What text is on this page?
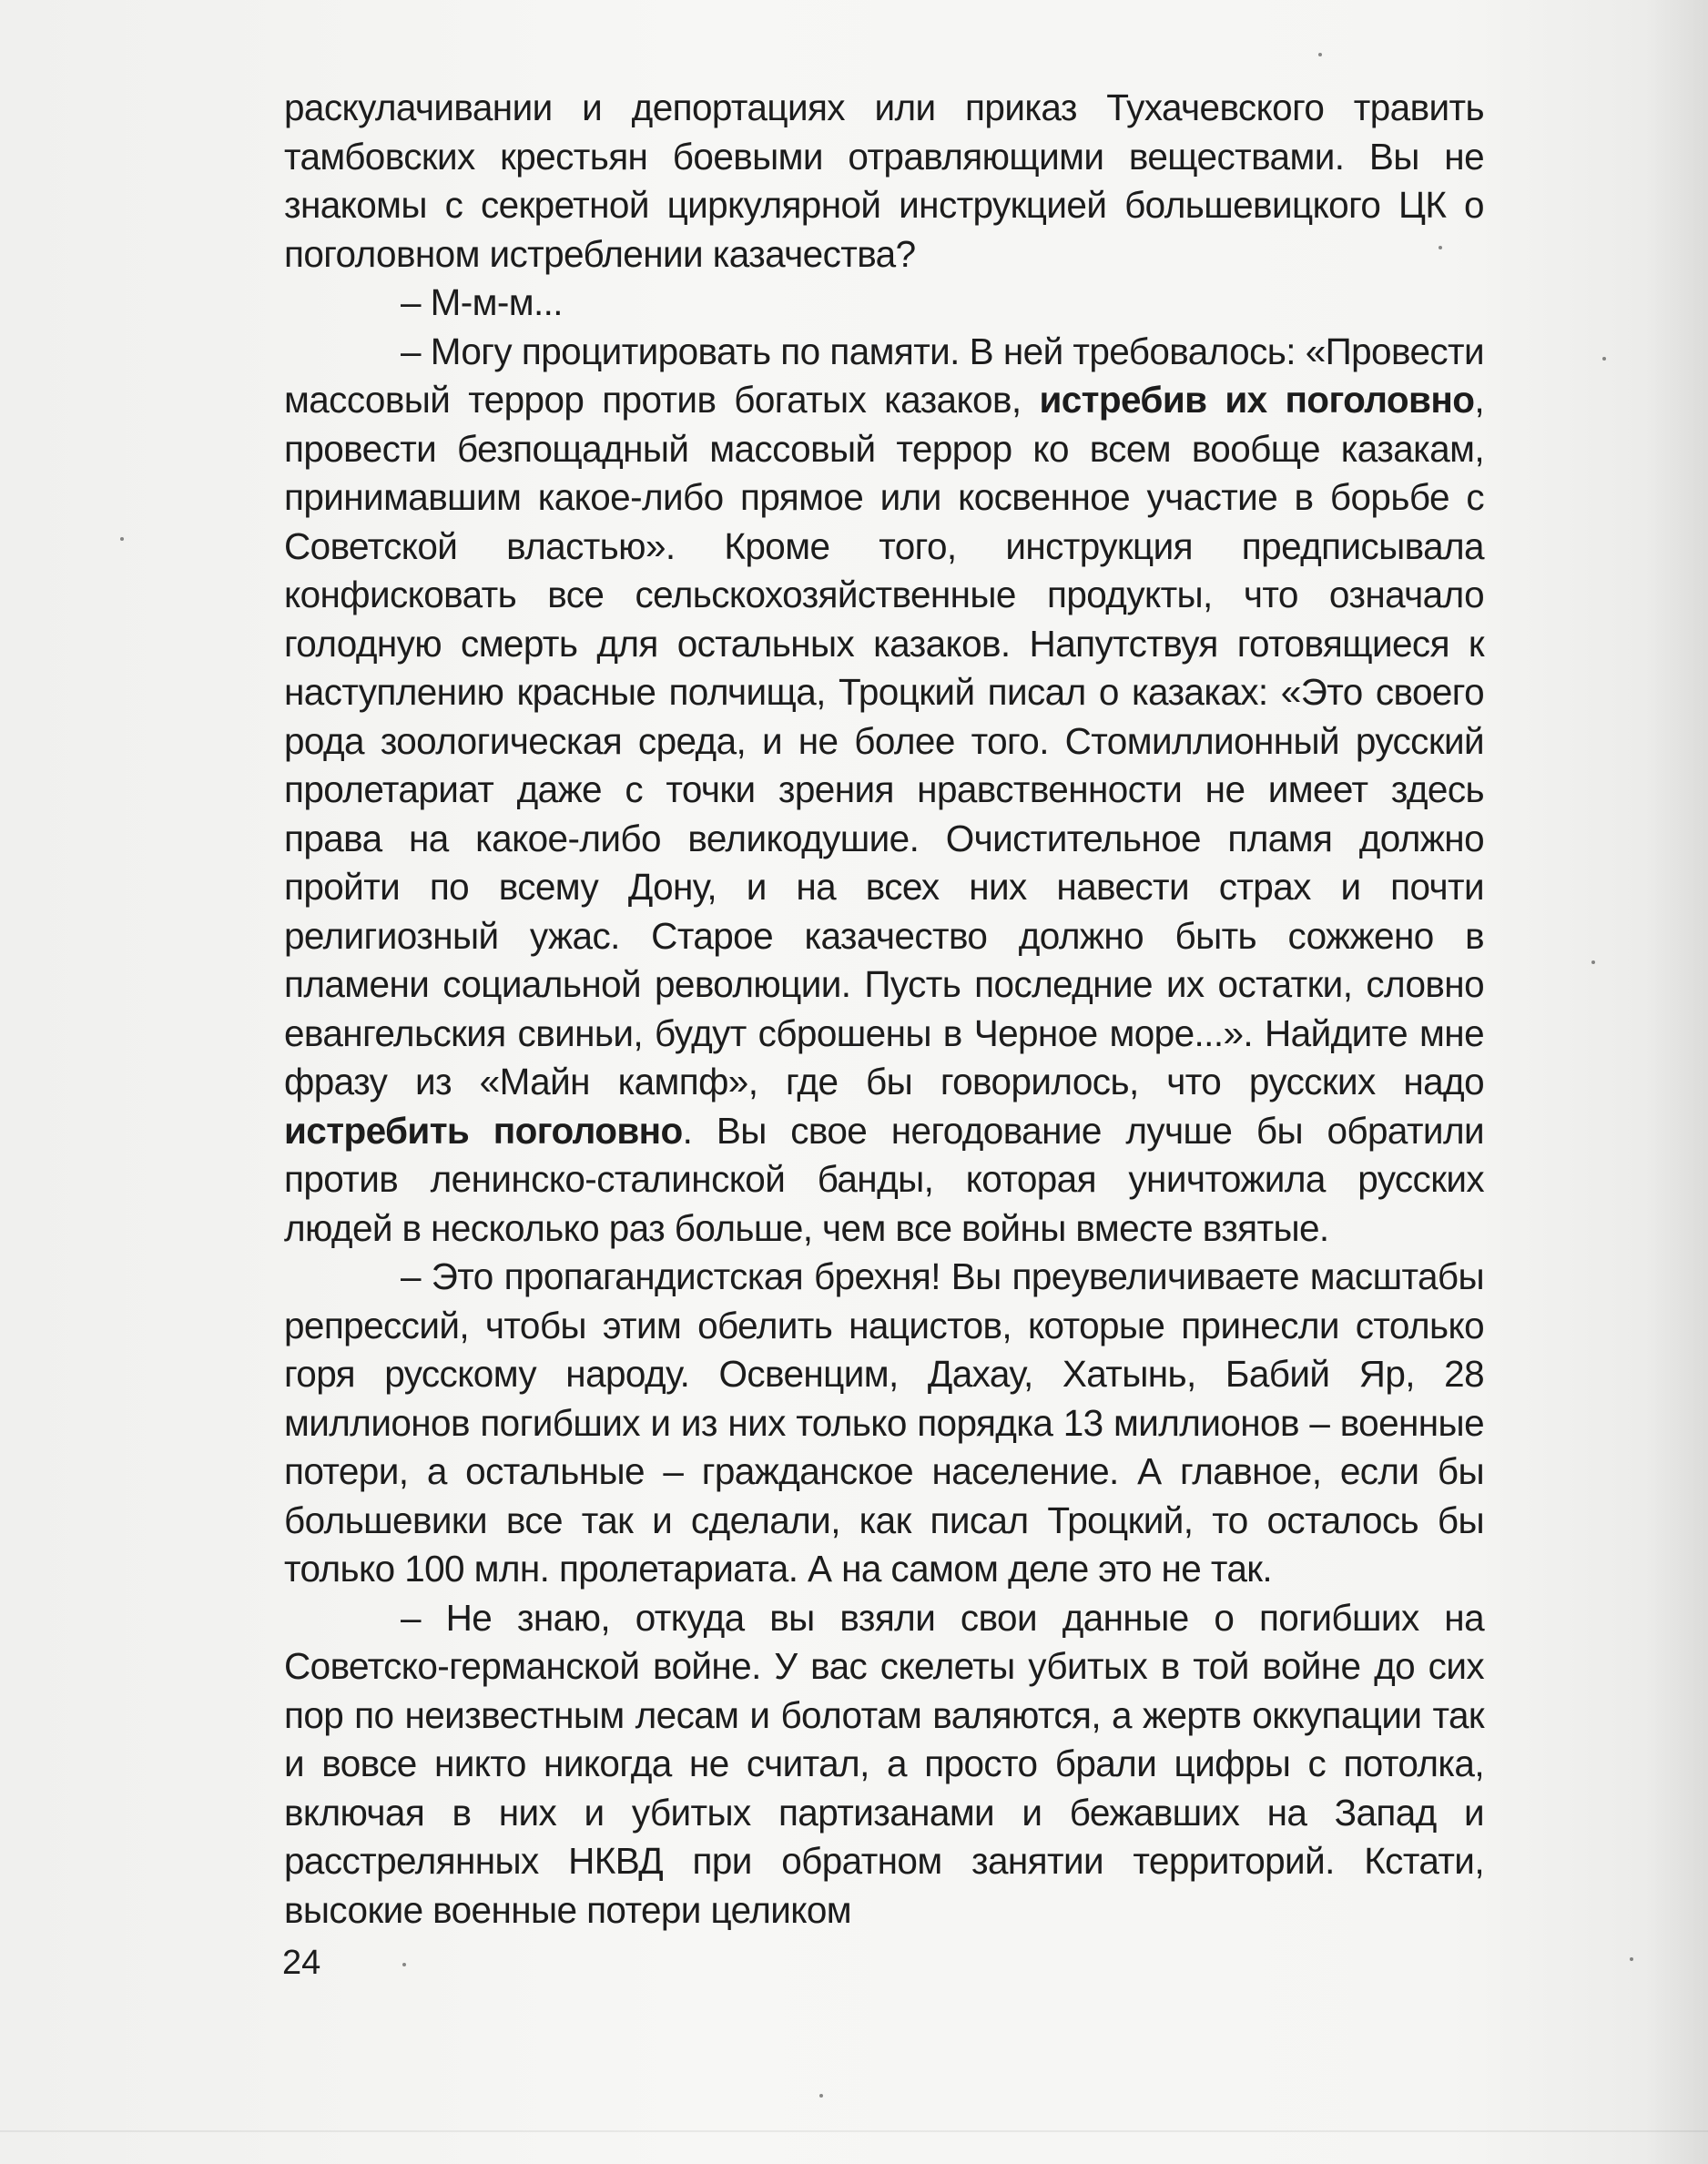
раскулачивании и депортациях или приказ Тухачевского травить тамбовских крестьян боевыми отравляющими веществами. Вы не знакомы с секретной циркулярной инструкцией большевицкого ЦК о поголовном истреблении казачества?

– М-м-м...

– Могу процитировать по памяти. В ней требовалось: «Провести массовый террор против богатых казаков, истребив их поголовно, провести безпощадный массовый террор ко всем вообще казакам, принимавшим какое-либо прямое или косвенное участие в борьбе с Советской властью». Кроме того, инструкция предписывала конфисковать все сельскохозяйственные продукты, что означало голодную смерть для остальных казаков. Напутствуя готовящиеся к наступлению красные полчища, Троцкий писал о казаках: «Это своего рода зоологическая среда, и не более того. Стомиллионный русский пролетариат даже с точки зрения нравственности не имеет здесь права на какое-либо великодушие. Очистительное пламя должно пройти по всему Дону, и на всех них навести страх и почти религиозный ужас. Старое казачество должно быть сожжено в пламени социальной революции. Пусть последние их остатки, словно евангельския свиньи, будут сброшены в Черное море...». Найдите мне фразу из «Майн кампф», где бы говорилось, что русских надо истребить поголовно. Вы свое негодование лучше бы обратили против ленинско-сталинской банды, которая уничтожила русских людей в несколько раз больше, чем все войны вместе взятые.

– Это пропагандистская брехня! Вы преувеличиваете масштабы репрессий, чтобы этим обелить нацистов, которые принесли столько горя русскому народу. Освенцим, Дахау, Хатынь, Бабий Яр, 28 миллионов погибших и из них только порядка 13 миллионов – военные потери, а остальные – гражданское население. А главное, если бы большевики все так и сделали, как писал Троцкий, то осталось бы только 100 млн. пролетариата. А на самом деле это не так.

– Не знаю, откуда вы взяли свои данные о погибших на Советско-германской войне. У вас скелеты убитых в той войне до сих пор по неизвестным лесам и болотам валяются, а жертв оккупации так и вовсе никто никогда не считал, а просто брали цифры с потолка, включая в них и убитых партизанами и бежавших на Запад и расстрелянных НКВД при обратном занятии территорий. Кстати, высокие военные потери целиком

24
